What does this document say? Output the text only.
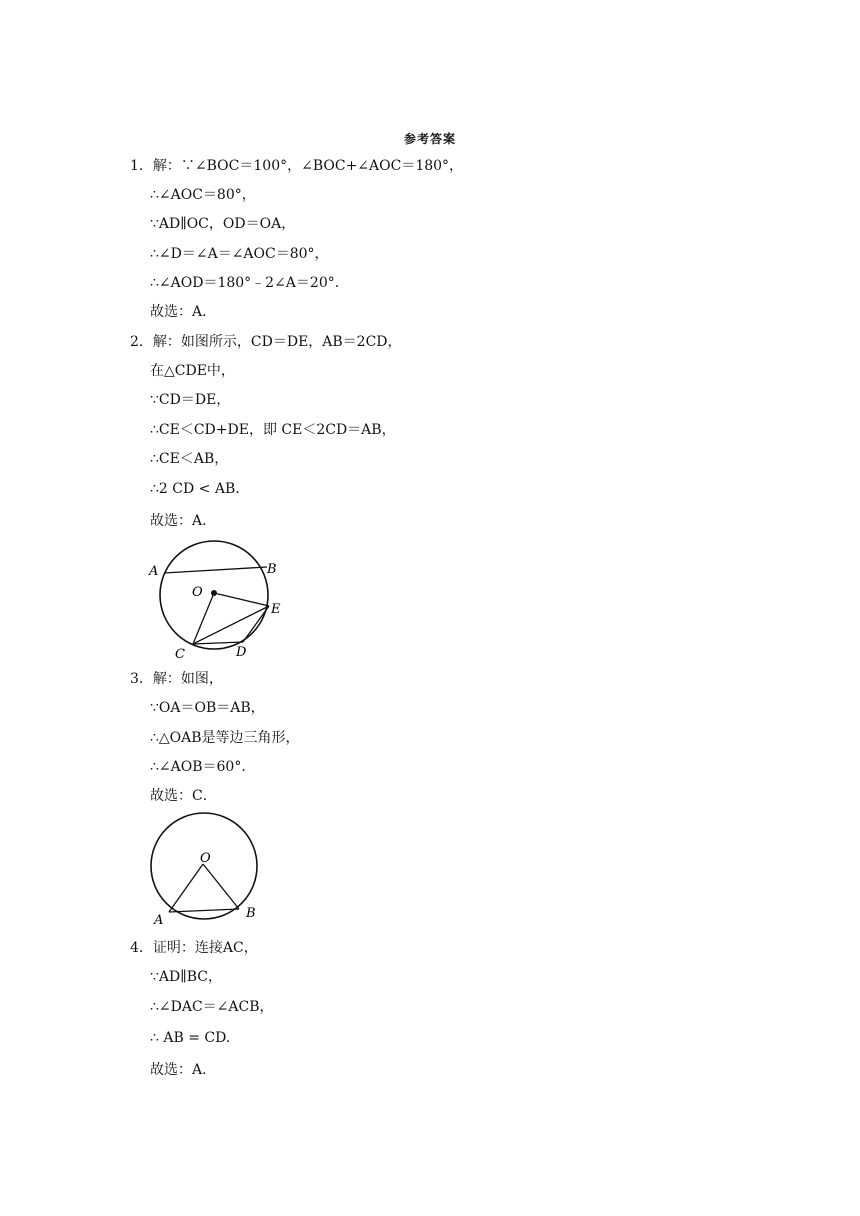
参考答案
1．解：∵∠BOC＝100°，∠BOC+∠AOC＝180°，
∴∠AOC＝80°，
∵AD∥OC，OD＝OA，
∴∠D＝∠A＝∠AOC＝80°，
∴∠AOD＝180°﹣2∠A＝20°．
故选：A．
2．解：如图所示，CD＝DE，AB＝2CD，
在△CDE中，
∵CD＝DE，
∴CE＜CD+DE，即 CE＜2CD＝AB，
∴CE＜AB，
∴2 CD < AB.
故选：A．
A	B
O
E
C	D
3．解：如图，
∵OA＝OB＝AB，
∴△OAB是等边三角形，
∴∠AOB＝60°．
故选：C．
O
A	B
4．证明：连接AC，
∵AD∥BC，
∴∠DAC＝∠ACB，
∴ AB = CD.
故选：A．
